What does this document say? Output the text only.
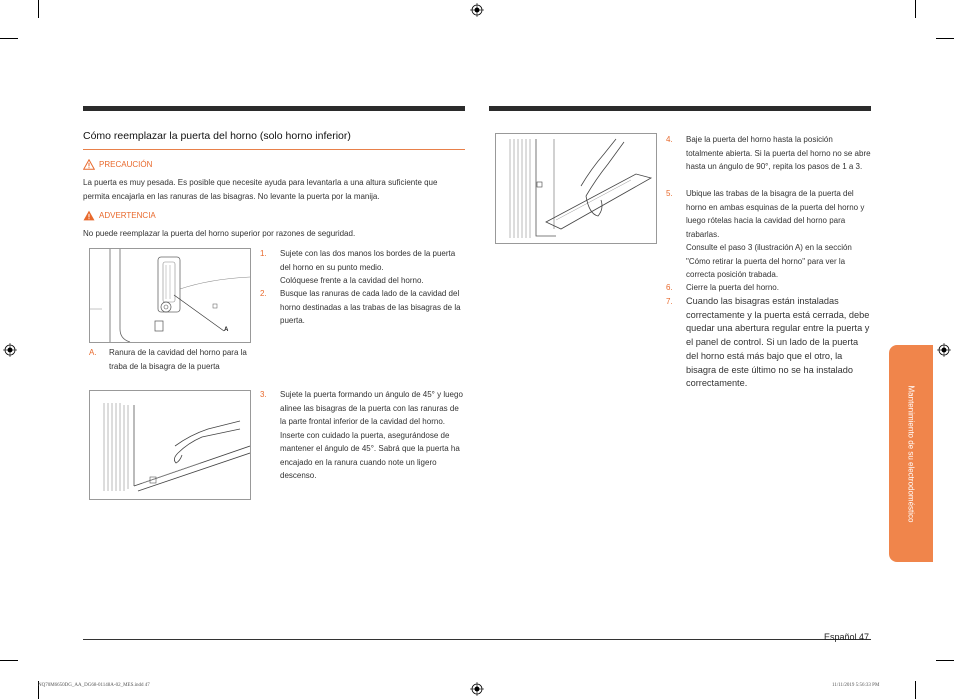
Cómo reemplazar la puerta del horno (solo horno inferior)
PRECAUCIÓN
La puerta es muy pesada. Es posible que necesite ayuda para levantarla a una altura suficiente que permita encajarla en las ranuras de las bisagras. No levante la puerta por la manija.
ADVERTENCIA
No puede reemplazar la puerta del horno superior por razones de seguridad.
A
A.	Ranura de la cavidad del horno para la traba de la bisagra de la puerta
1.	Sujete con las dos manos los bordes de la puerta del horno en su punto medio.
Colóquese frente a la cavidad del horno.
2.	Busque las ranuras de cada lado de la cavidad del horno destinadas a las trabas de las bisagras de la puerta.
3.	Sujete la puerta formando un ángulo de 45° y luego alinee las bisagras de la puerta con las ranuras de la parte frontal inferior de la cavidad del horno. Inserte con cuidado la puerta, asegurándose de mantener el ángulo de 45°. Sabrá que la puerta ha encajado en la ranura cuando note un ligero descenso.
4.	Baje la puerta del horno hasta la posición totalmente abierta. Si la puerta del horno no se abre hasta un ángulo de 90°, repita los pasos de 1 a 3.
5.	Ubique las trabas de la bisagra de la puerta del horno en ambas esquinas de la puerta del horno y luego rótelas hacia la cavidad del horno para trabarlas.
Consulte el paso 3 (ilustración A) en la sección "Cómo retirar la puerta del horno" para ver la correcta posición trabada.
6.	Cierre la puerta del horno.
7.	Cuando las bisagras están instaladas correctamente y la puerta está cerrada, debe quedar una abertura regular entre la puerta y el panel de control. Si un lado de la puerta del horno está más bajo que el otro, la bisagra de este último no se ha instalado correctamente.
Mantenimiento de su electrodoméstico
Español 47
NQ70M6650DG_AA_DG68-01148A-02_MES.indd 47	11/11/2019 5:56:33 PM
